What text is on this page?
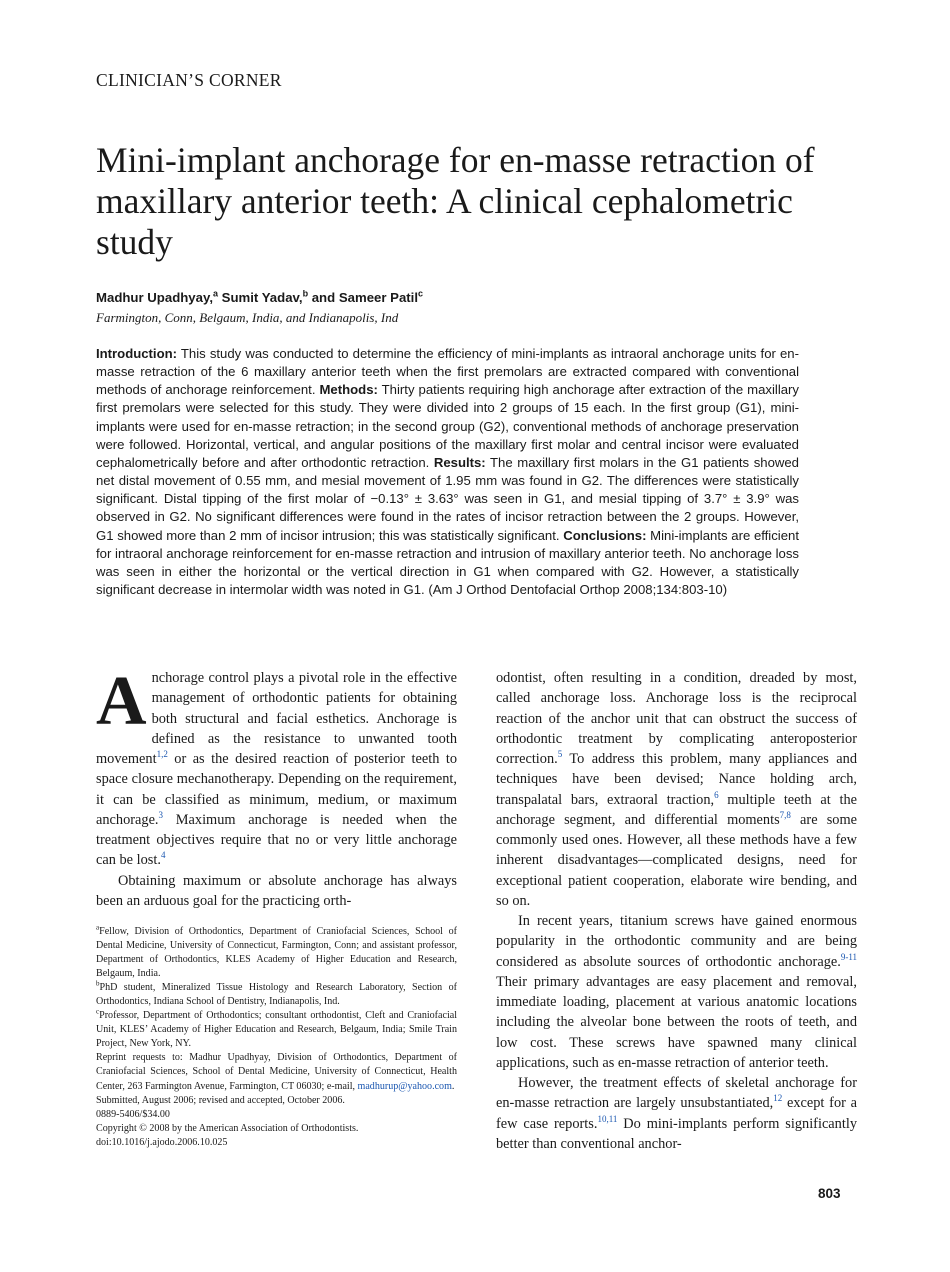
CLINICIAN’S CORNER
Mini-implant anchorage for en-masse retraction of maxillary anterior teeth: A clinical cephalometric study
Madhur Upadhyay,$^a$ Sumit Yadav,$^b$ and Sameer Patil$^c$
Farmington, Conn, Belgaum, India, and Indianapolis, Ind

Introduction: This study was conducted to determine the efficiency of mini-implants as intraoral anchorage units for en-masse retraction of the 6 maxillary anterior teeth when the first premolars are extracted compared with conventional methods of anchorage reinforcement. Methods: Thirty patients requiring high anchorage after extraction of the maxillary first premolars were selected for this study. They were divided into 2 groups of 15 each. In the first group (G1), mini-implants were used for en-masse retraction; in the second group (G2), conventional methods of anchorage preservation were followed. Horizontal, vertical, and angular positions of the maxillary first molar and central incisor were evaluated cephalometrically before and after orthodontic retraction. Results: The maxillary first molars in the G1 patients showed net distal movement of 0.55 mm, and mesial movement of 1.95 mm was found in G2. The differences were statistically significant. Distal tipping of the first molar of −0.13° ± 3.63° was seen in G1, and mesial tipping of 3.7° ± 3.9° was observed in G2. No significant differences were found in the rates of incisor retraction between the 2 groups. However, G1 showed more than 2 mm of incisor intrusion; this was statistically significant. Conclusions: Mini-implants are efficient for intraoral anchorage reinforcement for en-masse retraction and intrusion of maxillary anterior teeth. No anchorage loss was seen in either the horizontal or the vertical direction in G1 when compared with G2. However, a statistically significant decrease in intermolar width was noted in G1. (Am J Orthod Dentofacial Orthop 2008;134:803-10)

Anchorage control plays a pivotal role in the effective management of orthodontic patients for obtaining both structural and facial esthetics. Anchorage is defined as the resistance to unwanted tooth movement$^{1,2}$ or as the desired reaction of posterior teeth to space closure mechanotherapy. Depending on the requirement, it can be classified as minimum, medium, or maximum anchorage.$^3$ Maximum anchorage is needed when the treatment objectives require that no or very little anchorage can be lost.$^4$

Obtaining maximum or absolute anchorage has always been an arduous goal for the practicing orth-

$^a$Fellow, Division of Orthodontics, Department of Craniofacial Sciences, School of Dental Medicine, University of Connecticut, Farmington, Conn; and assistant professor, Department of Orthodontics, KLES Academy of Higher Education and Research, Belgaum, India.

$^b$PhD student, Mineralized Tissue Histology and Research Laboratory, Section of Orthodontics, Indiana School of Dentistry, Indianapolis, Ind.

$^c$Professor, Department of Orthodontics; consultant orthodontist, Cleft and Craniofacial Unit, KLES’ Academy of Higher Education and Research, Belgaum, India; Smile Train Project, New York, NY.

Reprint requests to: Madhur Upadhyay, Division of Orthodontics, Department of Craniofacial Sciences, School of Dental Medicine, University of Connecticut, Health Center, 263 Farmington Avenue, Farmington, CT 06030; e-mail, madhurup@yahoo.com.

Submitted, August 2006; revised and accepted, October 2006.

0889-5406/$34.00

Copyright © 2008 by the American Association of Orthodontists.

doi:10.1016/j.ajodo.2006.10.025

odontist, often resulting in a condition, dreaded by most, called anchorage loss. Anchorage loss is the reciprocal reaction of the anchor unit that can obstruct the success of orthodontic treatment by complicating anteroposterior correction.$^5$ To address this problem, many appliances and techniques have been devised; Nance holding arch, transpalatal bars, extraoral traction,$^6$ multiple teeth at the anchorage segment, and differential moments$^{7,8}$ are some commonly used ones. However, all these methods have a few inherent disadvantages—complicated designs, need for exceptional patient cooperation, elaborate wire bending, and so on.

In recent years, titanium screws have gained enormous popularity in the orthodontic community and are being considered as absolute sources of orthodontic anchorage.$^{9-11}$ Their primary advantages are easy placement and removal, immediate loading, placement at various anatomic locations including the alveolar bone between the roots of teeth, and low cost. These screws have spawned many clinical applications, such as en-masse retraction of anterior teeth.

However, the treatment effects of skeletal anchorage for en-masse retraction are largely unsubstantiated,$^{12}$ except for a few case reports.$^{10,11}$ Do mini-implants perform significantly better than conventional anchor-

803
